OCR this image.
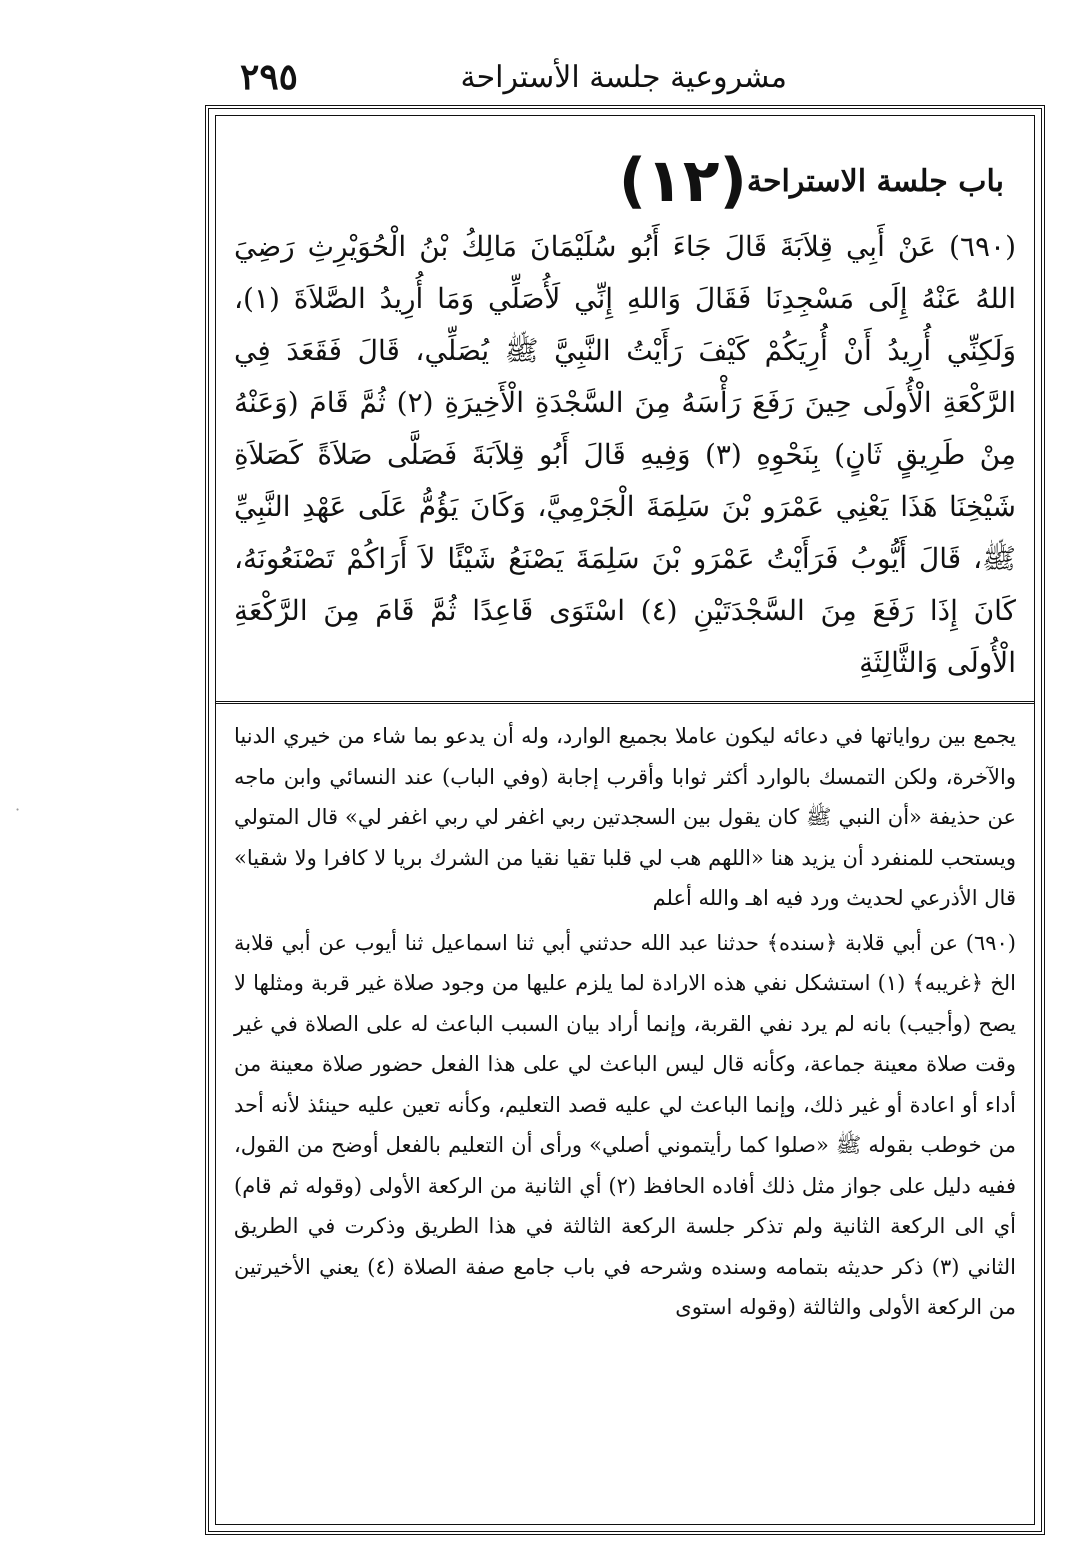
٢٩٥	مشروعية جلسة الأستراحة
·
باب جلسة الاستراحة
(١٢)
(٦٩٠) عَنْ أَبِي قِلاَبَةَ قَالَ جَاءَ أَبُو سُلَيْمَانَ مَالِكُ بْنُ الْحُوَيْرِثِ رَضِيَ اللهُ عَنْهُ إِلَى مَسْجِدِنَا فَقَالَ وَاللهِ إِنِّي لَأُصَلِّي وَمَا أُرِيدُ الصَّلاَةَ (١)، وَلَكِنِّي أُرِيدُ أَنْ أُرِيَكُمْ كَيْفَ رَأَيْتُ النَّبِيَّ ﷺ يُصَلِّي، قَالَ فَقَعَدَ فِي الرَّكْعَةِ الْأُولَى حِينَ رَفَعَ رَأْسَهُ مِنَ السَّجْدَةِ الْأَخِيرَةِ (٢) ثُمَّ قَامَ (وَعَنْهُ مِنْ طَرِيقٍ ثَانٍ) بِنَحْوِهِ (٣) وَفِيهِ قَالَ أَبُو قِلاَبَةَ فَصَلَّى صَلاَةً كَصَلاَةِ شَيْخِنَا هَذَا يَعْنِي عَمْرَو بْنَ سَلِمَةَ الْجَرْمِيَّ، وَكَانَ يَؤُمُّ عَلَى عَهْدِ النَّبِيِّ ﷺ، قَالَ أَيُّوبُ فَرَأَيْتُ عَمْرَو بْنَ سَلِمَةَ يَصْنَعُ شَيْئًا لاَ أَرَاكُمْ تَصْنَعُونَهُ، كَانَ إِذَا رَفَعَ مِنَ السَّجْدَتَيْنِ (٤) اسْتَوَى قَاعِدًا ثُمَّ قَامَ مِنَ الرَّكْعَةِ الْأُولَى وَالثَّالِثَةِ

يجمع بين رواياتها في دعائه ليكون عاملا بجميع الوارد، وله أن يدعو بما شاء من خيري الدنيا والآخرة، ولكن التمسك بالوارد أكثر ثوابا وأقرب إجابة (وفي الباب) عند النسائي وابن ماجه عن حذيفة «أن النبي ﷺ كان يقول بين السجدتين ربي اغفر لي ربي اغفر لي» قال المتولي ويستحب للمنفرد أن يزيد هنا «اللهم هب لي قلبا تقيا نقيا من الشرك بريا لا كافرا ولا شقيا» قال الأذرعي لحديث ورد فيه اهـ والله أعلم

(٦٩٠) عن أبي قلابة ﴿سنده﴾ حدثنا عبد الله حدثني أبي ثنا اسماعيل ثنا أيوب عن أبي قلابة الخ ﴿غريبه﴾ (١) استشكل نفي هذه الارادة لما يلزم عليها من وجود صلاة غير قربة ومثلها لا يصح (وأجيب) بانه لم يرد نفي القربة، وإنما أراد بيان السبب الباعث له على الصلاة في غير وقت صلاة معينة جماعة، وكأنه قال ليس الباعث لي على هذا الفعل حضور صلاة معينة من أداء أو اعادة أو غير ذلك، وإنما الباعث لي عليه قصد التعليم، وكأنه تعين عليه حينئذ لأنه أحد من خوطب بقوله ﷺ «صلوا كما رأيتموني أصلي» ورأى أن التعليم بالفعل أوضح من القول، ففيه دليل على جواز مثل ذلك أفاده الحافظ (٢) أي الثانية من الركعة الأولى (وقوله ثم قام) أي الى الركعة الثانية ولم تذكر جلسة الركعة الثالثة في هذا الطريق وذكرت في الطريق الثاني (٣) ذكر حديثه بتمامه وسنده وشرحه في باب جامع صفة الصلاة (٤) يعني الأخيرتين من الركعة الأولى والثالثة (وقوله استوى
